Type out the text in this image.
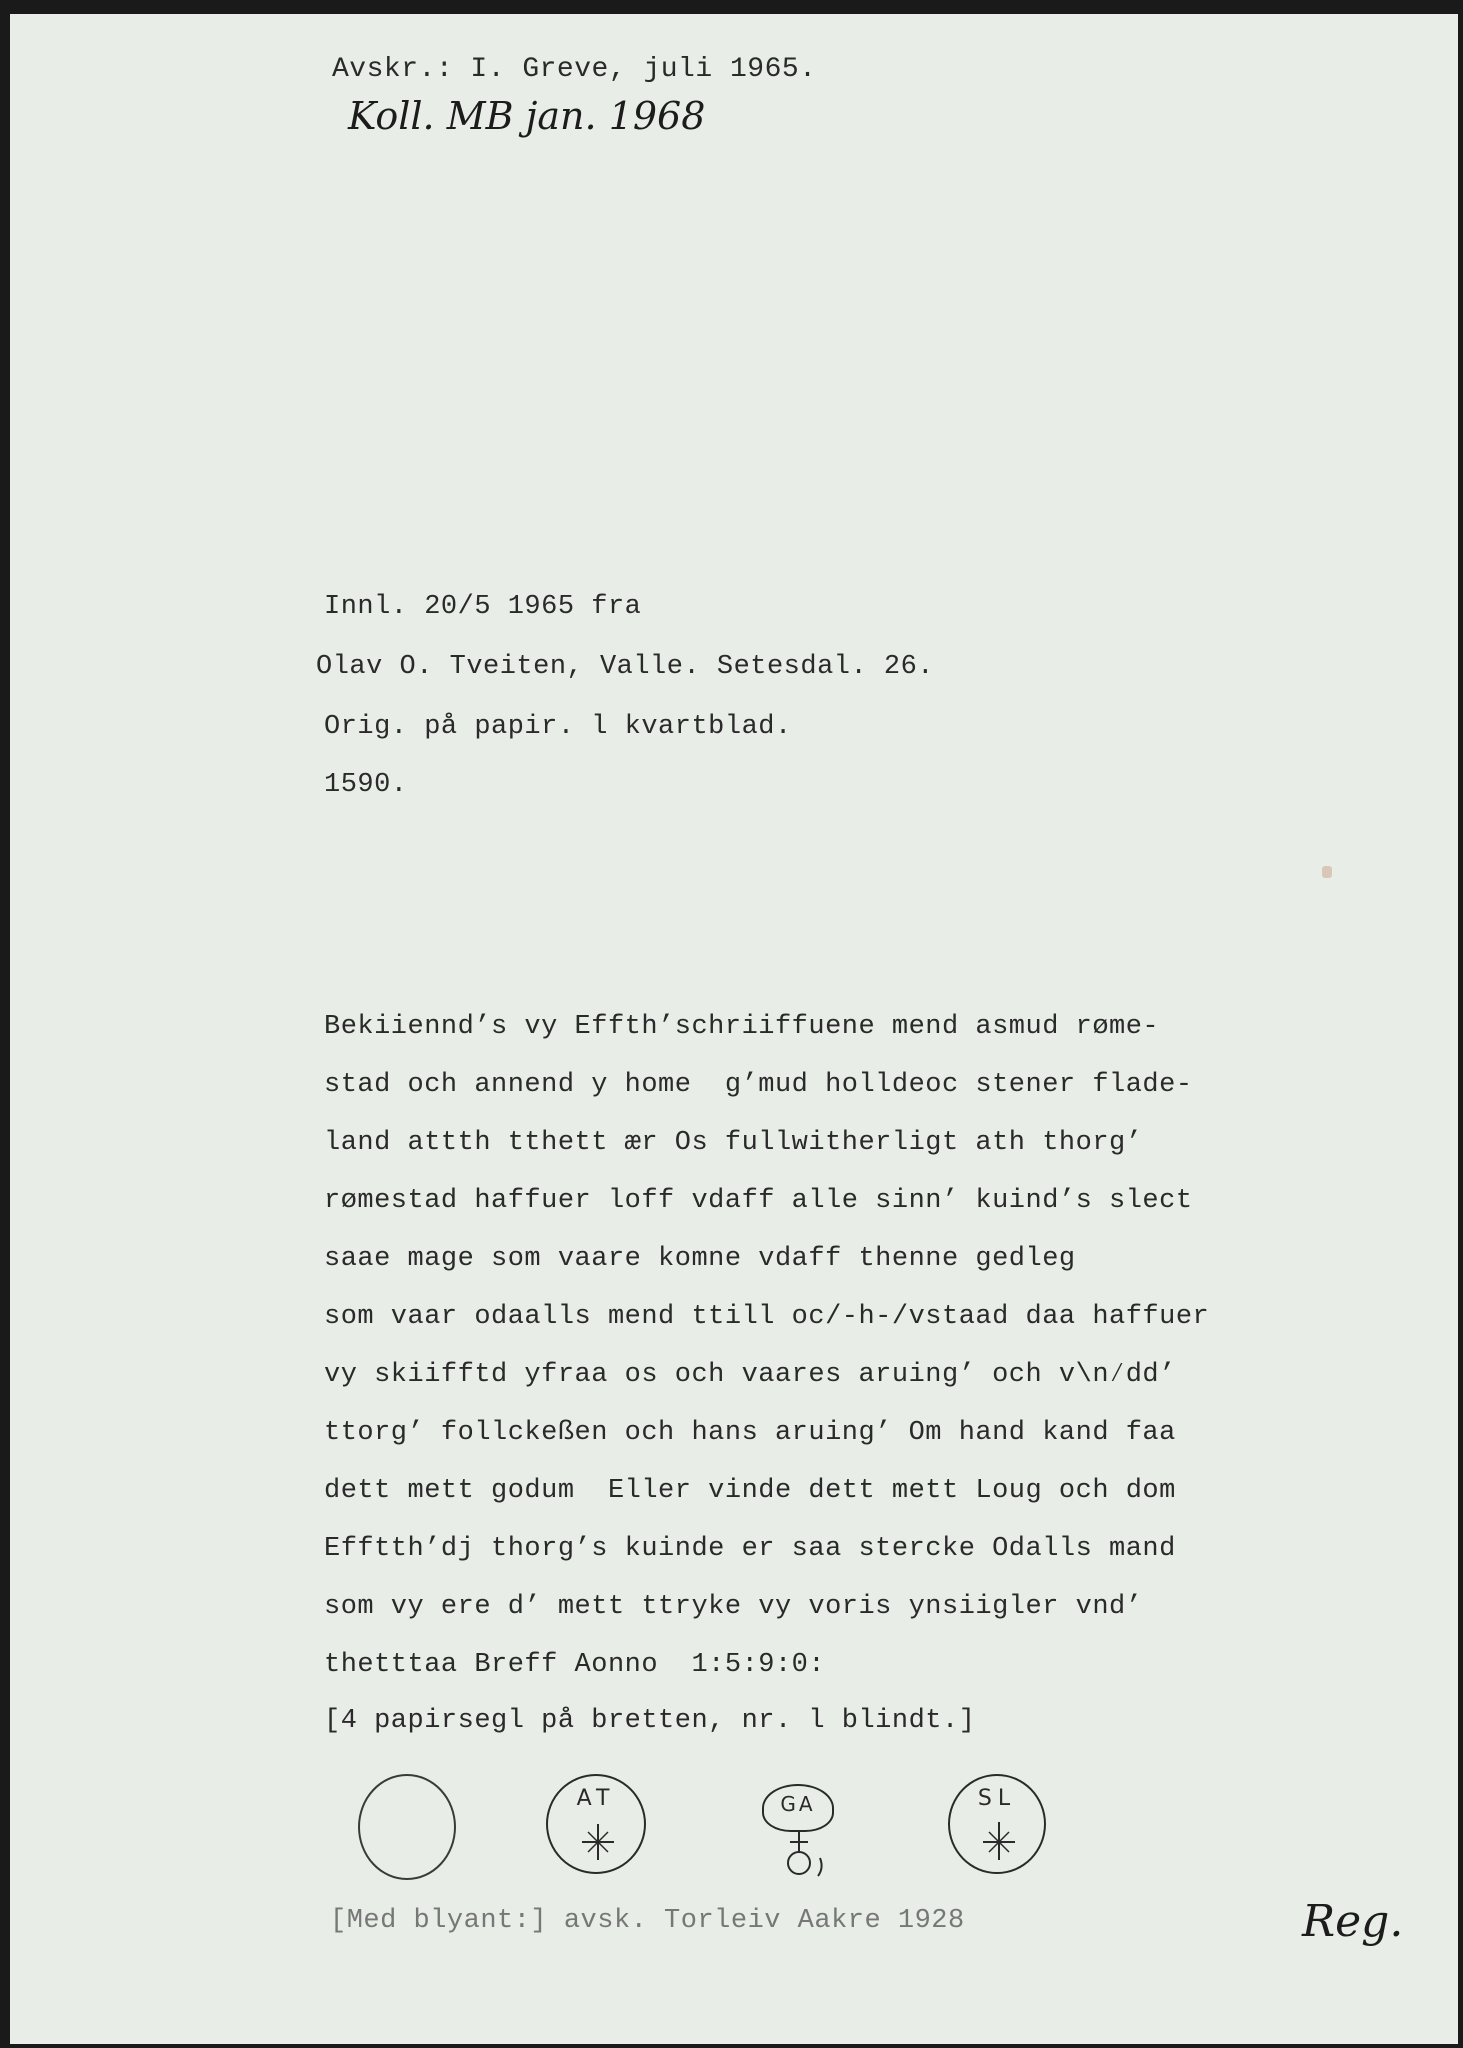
Avskr.: I. Greve, juli 1965.
Koll. MB jan. 1968
Innl. 20/5 1965 fra
Olav O. Tveiten, Valle. Setesdal. 26.
Orig. på papir. l kvartblad.
1590.
Bekiiennd’s vy Effth’schriiffuene mend asmud røme-
stad och annend y home  g’mud holldeoc stener flade-
land attth tthett ær Os fullwitherligt ath thorg’
rømestad haffuer loff vdaff alle sinn’ kuind’s slect
saae mage som vaare komne vdaff thenne gedleg
som vaar odaalls mend ttill oc/-h-/vstaad daa haffuer
vy skiifftd yfraa os och vaares aruing’ och v\n⁄dd’
ttorg’ follckeßen och hans aruing’ Om hand kand faa
dett mett godum  Eller vinde dett mett Loug och dom
Efftth’dj thorg’s kuinde er saa stercke Odalls mand
som vy ere d’ mett ttryke vy voris ynsiigler vnd’
thetttaa Breff Aonno  1:5:9:0:
[4 papirsegl på bretten, nr. l blindt.]
AT	GA	SL
[Med blyant:] avsk. Torleiv Aakre 1928	Reg.
